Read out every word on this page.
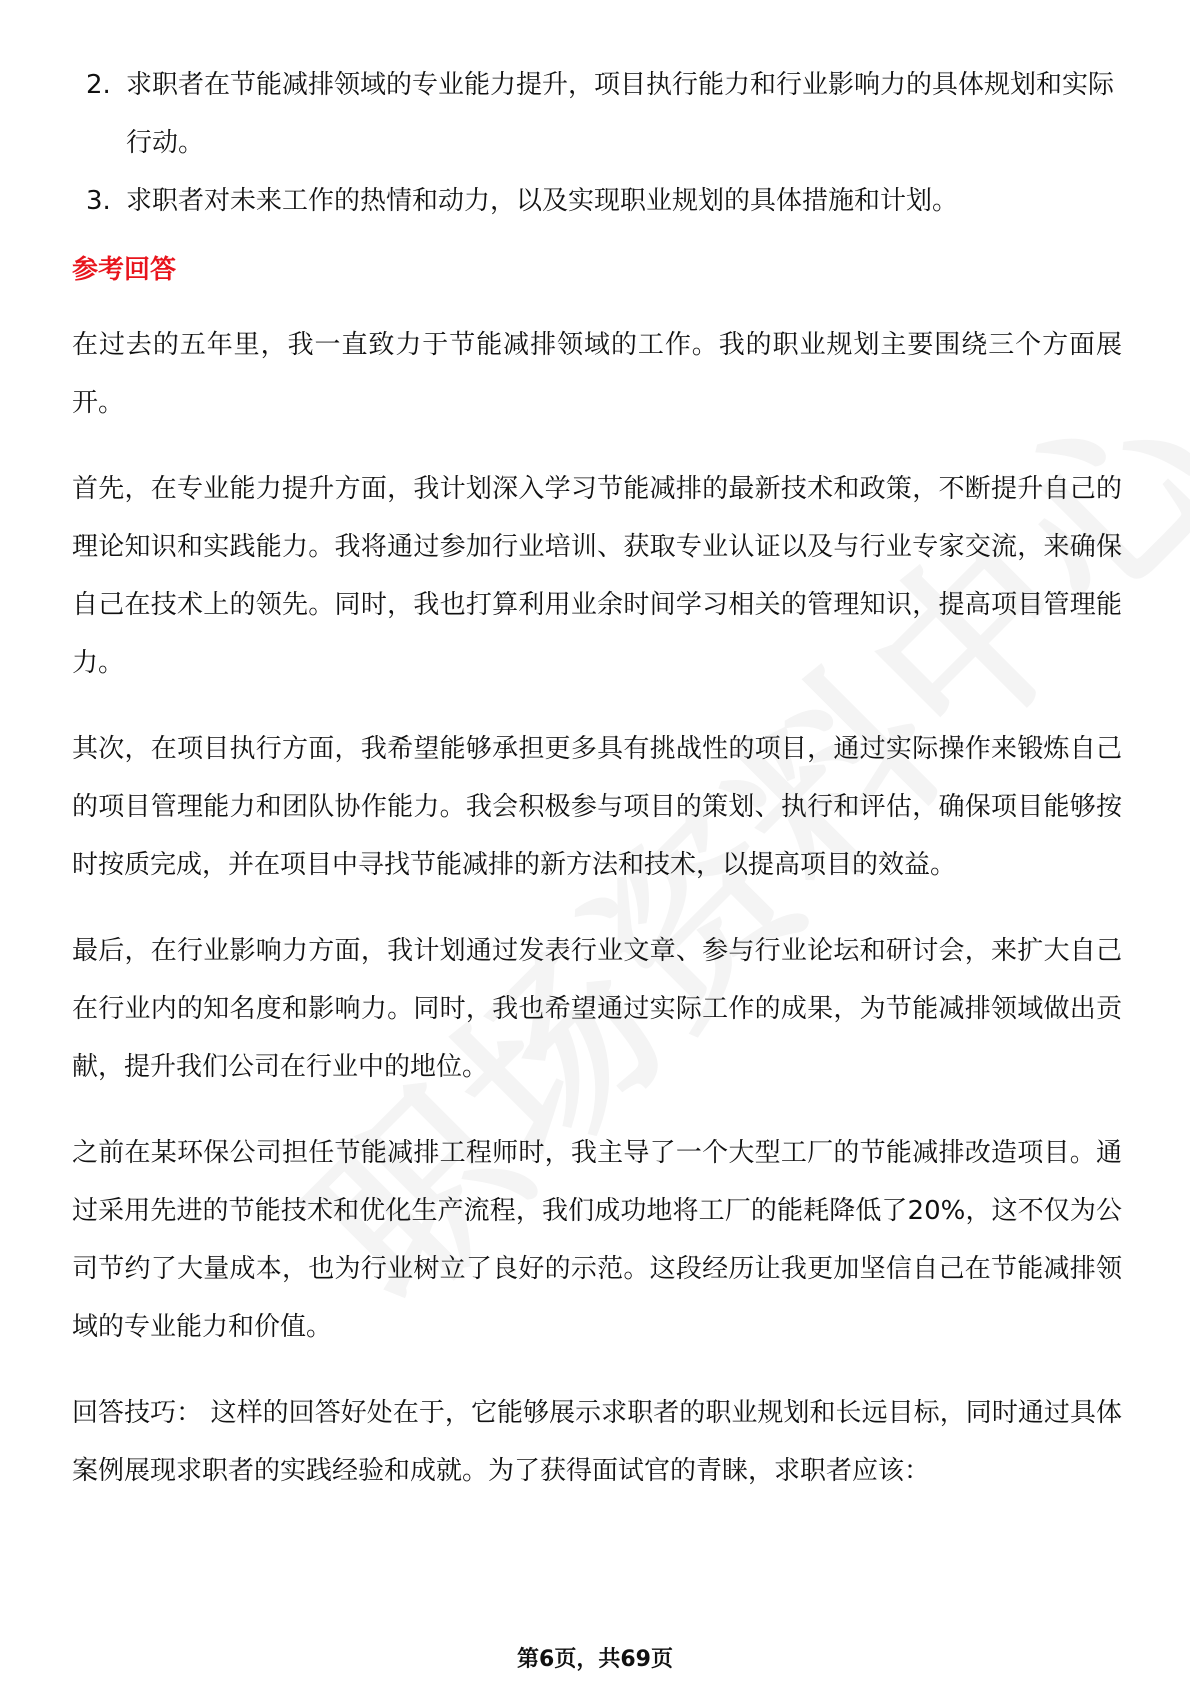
2. 求职者在节能减排领域的专业能力提升，项目执行能力和行业影响力的具体规划和实际行动。
3. 求职者对未来工作的热情和动力，以及实现职业规划的具体措施和计划。
参考回答

在过去的五年里，我一直致力于节能减排领域的工作。我的职业规划主要围绕三个方面展开。

首先，在专业能力提升方面，我计划深入学习节能减排的最新技术和政策，不断提升自己的理论知识和实践能力。我将通过参加行业培训、获取专业认证以及与行业专家交流，来确保自己在技术上的领先。同时，我也打算利用业余时间学习相关的管理知识，提高项目管理能力。

其次，在项目执行方面，我希望能够承担更多具有挑战性的项目，通过实际操作来锻炼自己的项目管理能力和团队协作能力。我会积极参与项目的策划、执行和评估，确保项目能够按时按质完成，并在项目中寻找节能减排的新方法和技术，以提高项目的效益。

最后，在行业影响力方面，我计划通过发表行业文章、参与行业论坛和研讨会，来扩大自己在行业内的知名度和影响力。同时，我也希望通过实际工作的成果，为节能减排领域做出贡献，提升我们公司在行业中的地位。

之前在某环保公司担任节能减排工程师时，我主导了一个大型工厂的节能减排改造项目。通过采用先进的节能技术和优化生产流程，我们成功地将工厂的能耗降低了20%，这不仅为公司节约了大量成本，也为行业树立了良好的示范。这段经历让我更加坚信自己在节能减排领域的专业能力和价值。

回答技巧： 这样的回答好处在于，它能够展示求职者的职业规划和长远目标，同时通过具体案例展现求职者的实践经验和成就。为了获得面试官的青睐，求职者应该：

第6页，共69页
